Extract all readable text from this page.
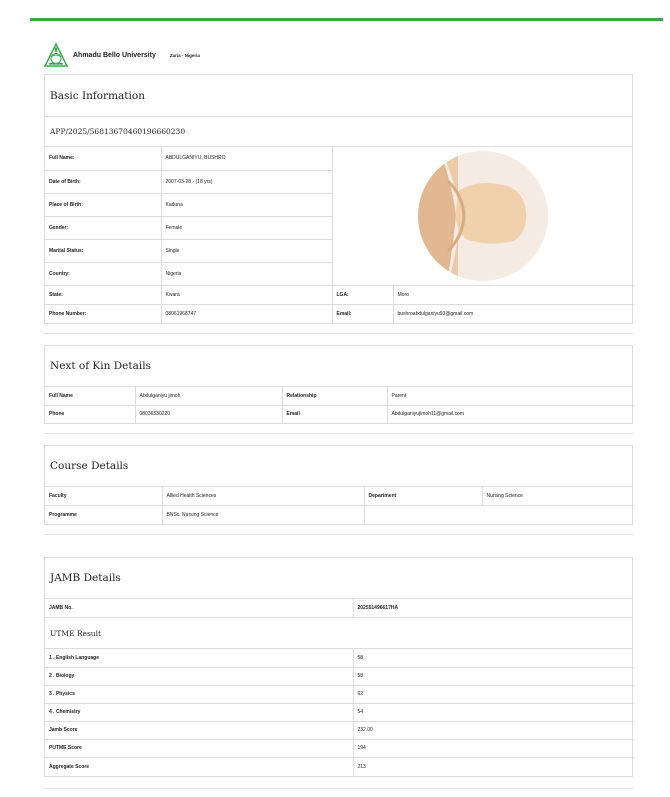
Ahmadu Bello University	Zaria - Nigeria
Basic Information
APP/2025/56813670460196660230
Full Name:	ABDULGANIYU, BUSHRO	
Date of Birth:	2007-03-28 - (18 yrs)		
Place of Birth:	Kaduna		
Gender:	Female		
Marital Status:	Single		
Country:	Nigeria		
State:	Kwara	LGA:	Moro
Phone Number:	08061968747	Email:	bushroabdulganiyu93@gmail.com
Next of Kin Details
Full Name	Abdulganiyu jimoh	Relationship	Parent
Phone	08036530220	Email	Abdulganiyujimoh11@gmail.com
Course Details
Faculty	Allied Health Sciences	Department	Nursing Science
Programme	BNSc. Nursing Science		
JAMB Details
JAMB No.	202551496617HA
UTME Result
1 . English Language	58
2 . Biology	58
3 . Physics	62
4 . Chemistry	54
Jamb Score	232.00
PUTME Score	194
Aggregate Score	213
